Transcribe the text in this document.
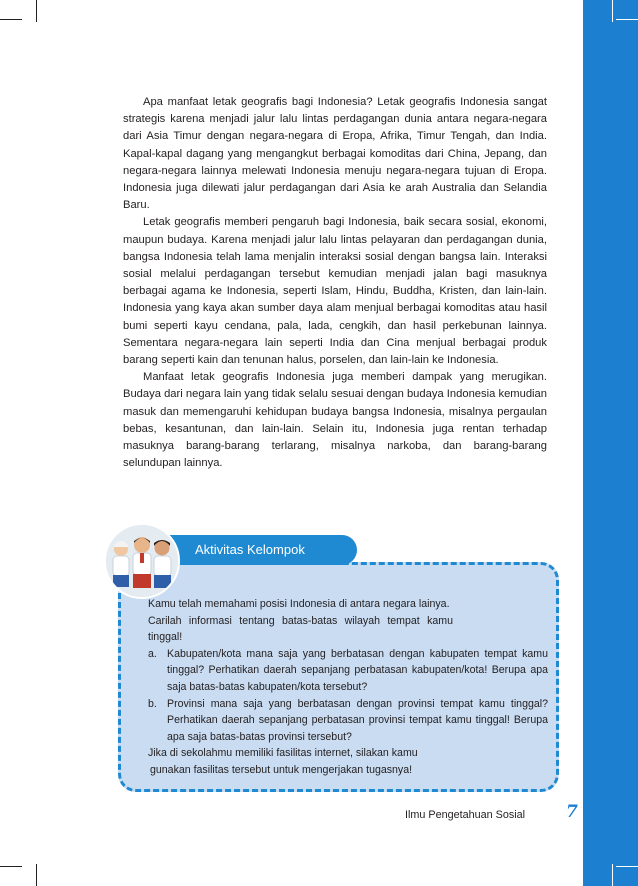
Apa manfaat letak geografis bagi Indonesia? Letak geografis Indonesia sangat strategis karena menjadi jalur lalu lintas perdagangan dunia antara negara-negara dari Asia Timur dengan negara-negara di Eropa, Afrika, Timur Tengah, dan India. Kapal-kapal dagang yang mengangkut berbagai komoditas dari China, Jepang, dan negara-negara lainnya melewati Indonesia menuju negara-negara tujuan di Eropa. Indonesia juga dilewati jalur perdagangan dari Asia ke arah Australia dan Selandia Baru.

Letak geografis memberi pengaruh bagi Indonesia, baik secara sosial, ekonomi, maupun budaya. Karena menjadi jalur lalu lintas pelayaran dan perdagangan dunia, bangsa Indonesia telah lama menjalin interaksi sosial dengan bangsa lain. Interaksi sosial melalui perdagangan tersebut kemudian menjadi jalan bagi masuknya berbagai agama ke Indonesia, seperti Islam, Hindu, Buddha, Kristen, dan lain-lain. Indonesia yang kaya akan sumber daya alam menjual berbagai komoditas atau hasil bumi seperti kayu cendana, pala, lada, cengkih, dan hasil perkebunan lainnya. Sementara negara-negara lain seperti India dan Cina menjual berbagai produk barang seperti kain dan tenunan halus, porselen, dan lain-lain ke Indonesia.

Manfaat letak geografis Indonesia juga memberi dampak yang merugikan. Budaya dari negara lain yang tidak selalu sesuai dengan budaya Indonesia kemudian masuk dan memengaruhi kehidupan budaya bangsa Indonesia, misalnya pergaulan bebas, kesantunan, dan lain-lain. Selain itu, Indonesia juga rentan terhadap masuknya barang-barang terlarang, misalnya narkoba, dan barang-barang selundupan lainnya.

Aktivitas Kelompok

Kamu telah memahami posisi Indonesia di antara negara lainya.

Carilah informasi tentang batas-batas wilayah tempat kamu tinggal!

a. Kabupaten/kota mana saja yang berbatasan dengan kabupaten tempat kamu tinggal? Perhatikan daerah sepanjang perbatasan kabupaten/kota! Berupa apa saja batas-batas kabupaten/kota tersebut?
b. Provinsi mana saja yang berbatasan dengan provinsi tempat kamu tinggal? Perhatikan daerah sepanjang perbatasan provinsi tempat kamu tinggal! Berupa apa saja batas-batas provinsi tersebut?

Jika di sekolahmu memiliki fasilitas internet, silakan kamu

gunakan fasilitas tersebut untuk mengerjakan tugasnya!

Ilmu Pengetahuan Sosial 7
